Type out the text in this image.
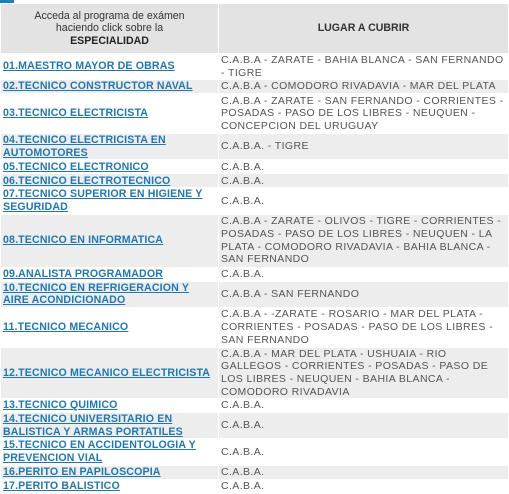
Acceda al programa de exámen
haciendo click sobre la
ESPECIALIDAD	LUGAR A CUBRIR
01.MAESTRO MAYOR DE OBRAS	C.A.B.A - ZARATE - BAHIA BLANCA - SAN FERNANDO - TIGRE
02.TECNICO CONSTRUCTOR NAVAL	C.A.B.A - COMODORO RIVADAVIA - MAR DEL PLATA
03.TECNICO ELECTRICISTA	C.A.B.A - ZARATE - SAN FERNANDO - CORRIENTES - POSADAS - PASO DE LOS LIBRES - NEUQUEN - CONCEPCION DEL URUGUAY
04.TECNICO ELECTRICISTA EN AUTOMOTORES	C.A.B.A. - TIGRE
05.TECNICO ELECTRONICO	C.A.B.A.
06.TECNICO ELECTROTECNICO	C.A.B.A.
07.TECNICO SUPERIOR EN HIGIENE Y SEGURIDAD	C.A.B.A.
08.TECNICO EN INFORMATICA	C.A.B.A - ZARATE - OLIVOS - TIGRE - CORRIENTES - POSADAS - PASO DE LOS LIBRES - NEUQUEN - LA PLATA - COMODORO RIVADAVIA - BAHIA BLANCA - SAN FERNANDO
09.ANALISTA PROGRAMADOR	C.A.B.A.
10.TECNICO EN REFRIGERACION Y AIRE ACONDICIONADO	C.A.B.A - SAN FERNANDO
11.TECNICO MECANICO	C.A.B.A - -ZARATE - ROSARIO - MAR DEL PLATA - CORRIENTES - POSADAS - PASO DE LOS LIBRES - SAN FERNANDO
12.TECNICO MECANICO ELECTRICISTA	C.A.B.A - MAR DEL PLATA - USHUAIA - RIO GALLEGOS - CORRIENTES - POSADAS - PASO DE LOS LIBRES - NEUQUEN - BAHIA BLANCA - COMODORO RIVADAVIA
13.TECNICO QUIMICO	C.A.B.A.
14.TECNICO UNIVERSITARIO EN BALISTICA Y ARMAS PORTATILES	C.A.B.A.
15.TECNICO EN ACCIDENTOLOGIA Y PREVENCION VIAL	C.A.B.A.
16.PERITO EN PAPILOSCOPIA	C.A.B.A.
17.PERITO BALISTICO	C.A.B.A.
